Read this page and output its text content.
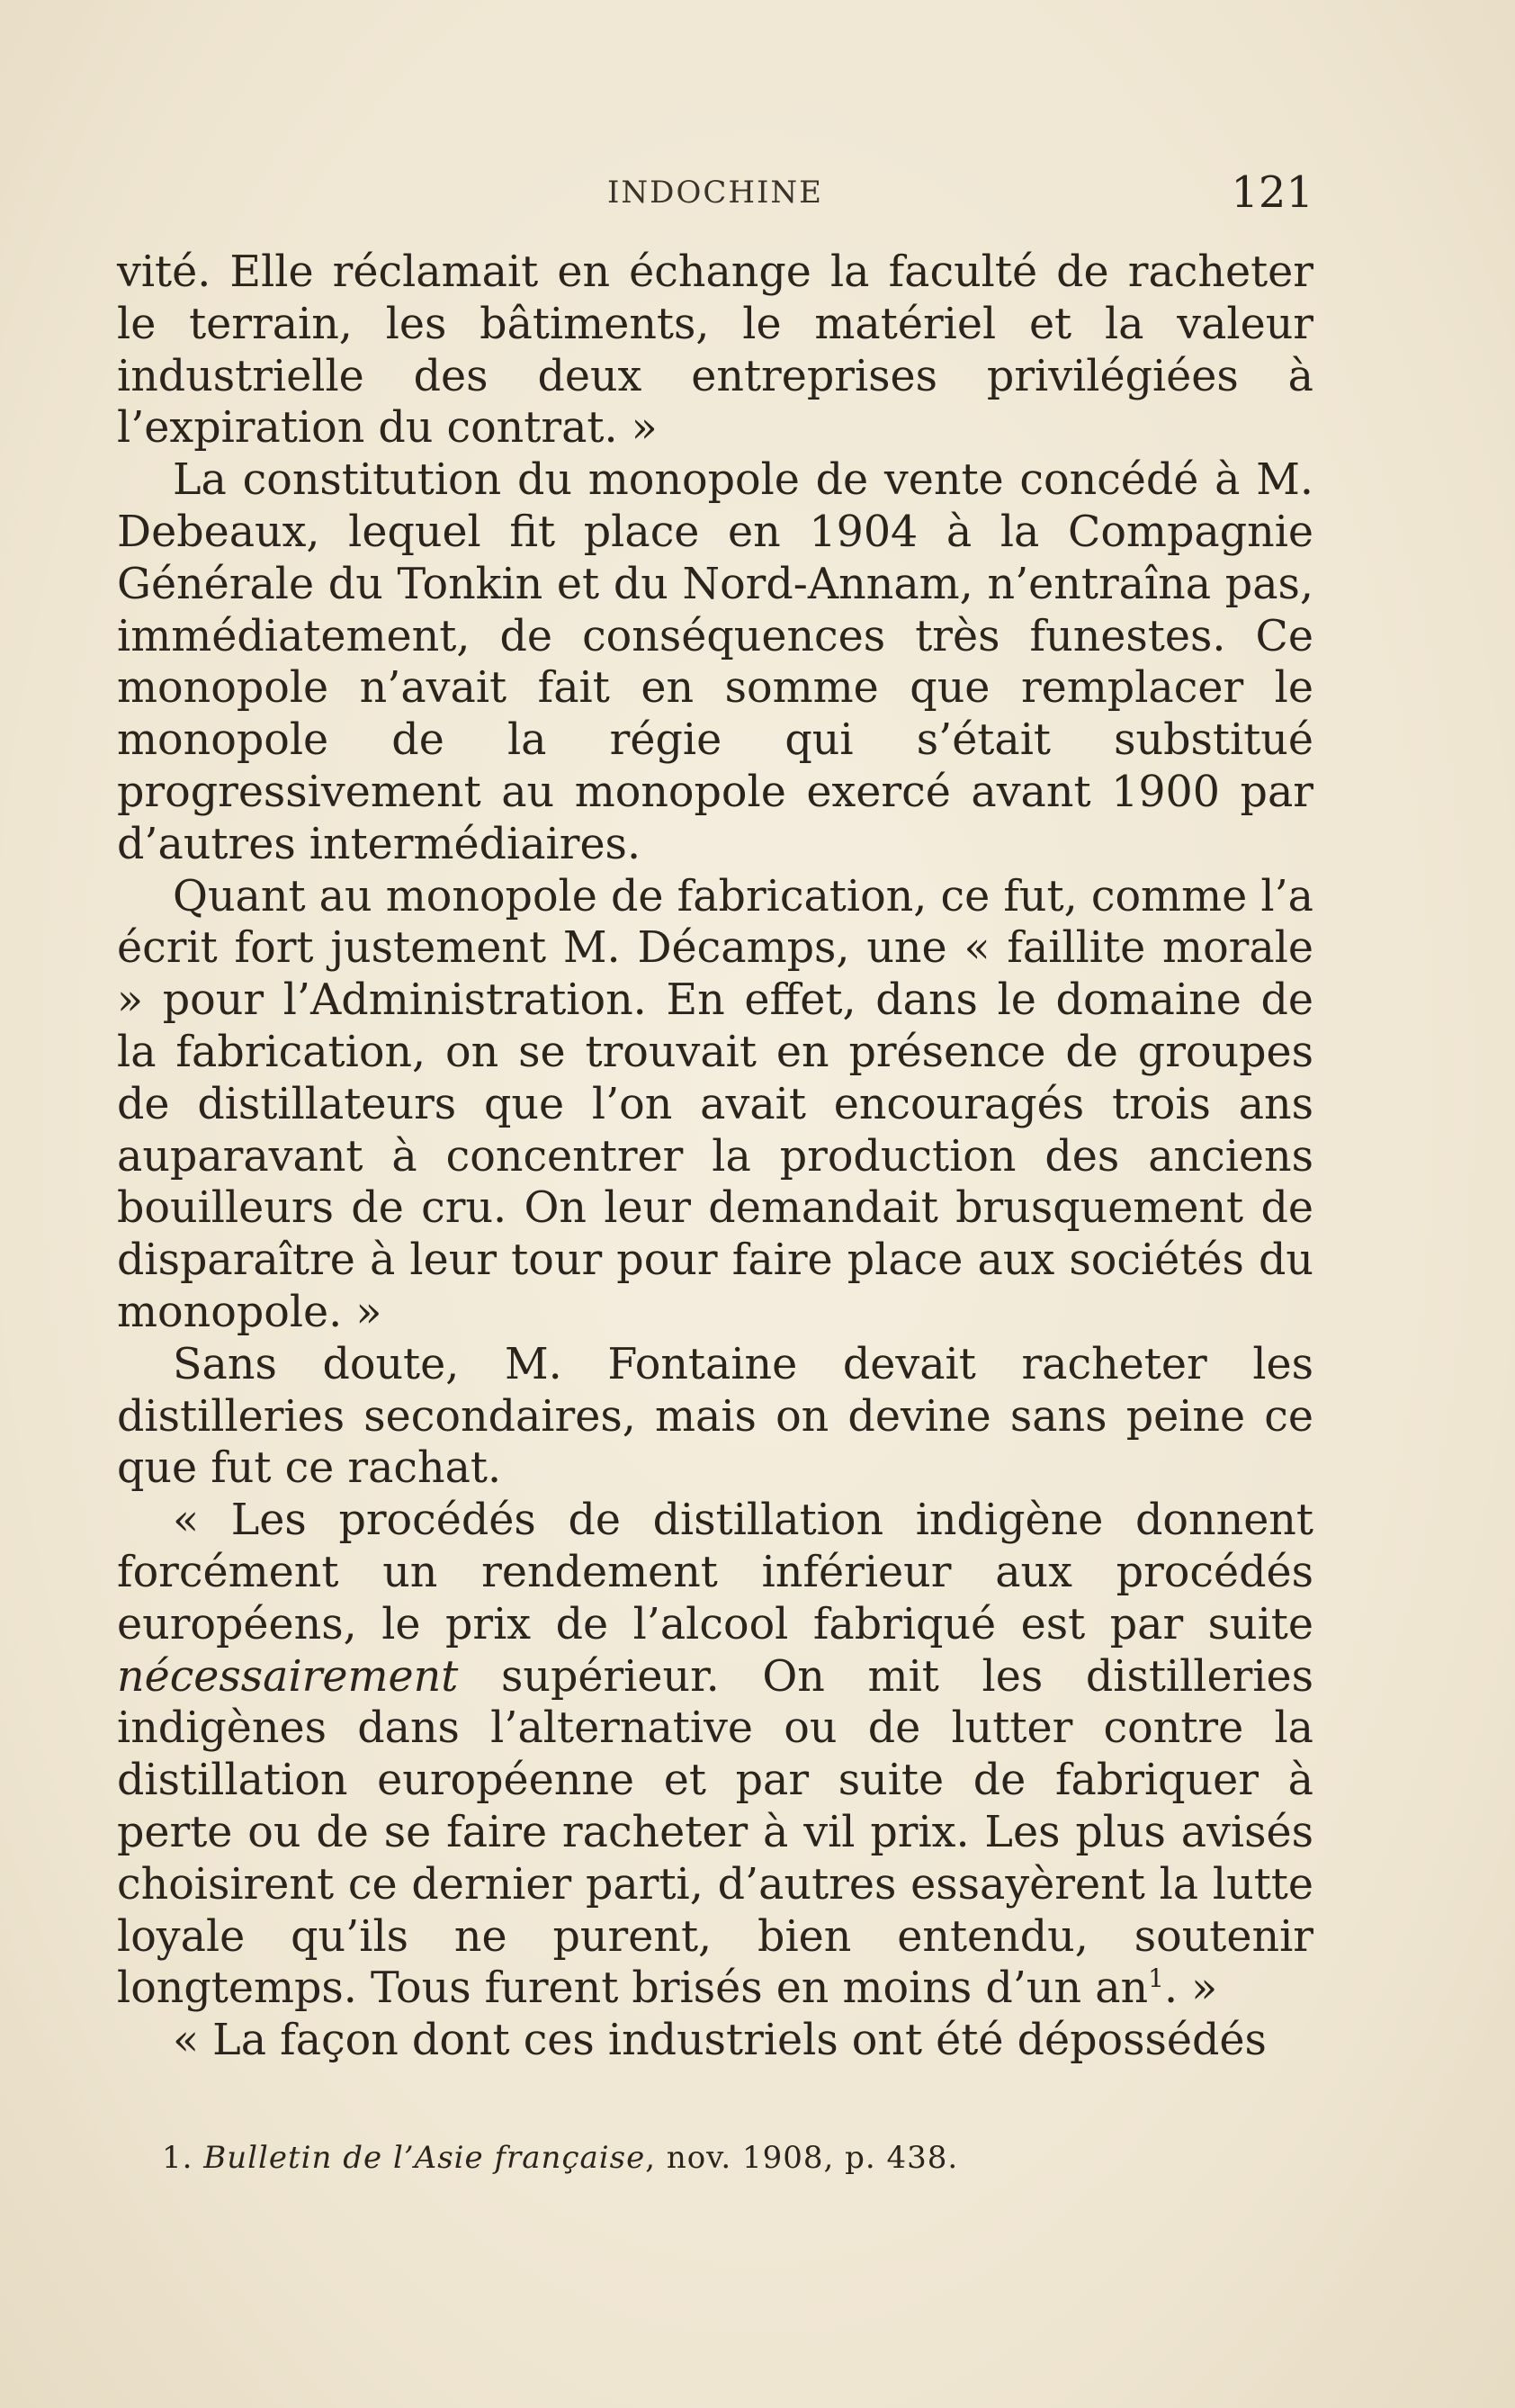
INDOCHINE	121

vité. Elle réclamait en échange la faculté de racheter le terrain, les bâtiments, le matériel et la valeur industrielle des deux entreprises privilégiées à l’expiration du contrat. »

La constitution du monopole de vente concédé à M. Debeaux, lequel fit place en 1904 à la Compagnie Générale du Tonkin et du Nord-Annam, n’entraîna pas, immédiatement, de conséquences très funestes. Ce monopole n’avait fait en somme que remplacer le monopole de la régie qui s’était substitué progressivement au monopole exercé avant 1900 par d’autres intermédiaires.

Quant au monopole de fabrication, ce fut, comme l’a écrit fort justement M. Décamps, une « faillite morale » pour l’Administration. En effet, dans le domaine de la fabrication, on se trouvait en présence de groupes de distillateurs que l’on avait encouragés trois ans auparavant à concentrer la production des anciens bouilleurs de cru. On leur demandait brusquement de disparaître à leur tour pour faire place aux sociétés du monopole. »

Sans doute, M. Fontaine devait racheter les distilleries secondaires, mais on devine sans peine ce que fut ce rachat.

« Les procédés de distillation indigène donnent forcément un rendement inférieur aux procédés européens, le prix de l’alcool fabriqué est par suite nécessairement supérieur. On mit les distilleries indigènes dans l’alternative ou de lutter contre la distillation européenne et par suite de fabriquer à perte ou de se faire racheter à vil prix. Les plus avisés choisirent ce dernier parti, d’autres essayèrent la lutte loyale qu’ils ne purent, bien entendu, soutenir longtemps. Tous furent brisés en moins d’un an$^1$. »

« La façon dont ces industriels ont été dépossédés

1. Bulletin de l’Asie française, nov. 1908, p. 438.
